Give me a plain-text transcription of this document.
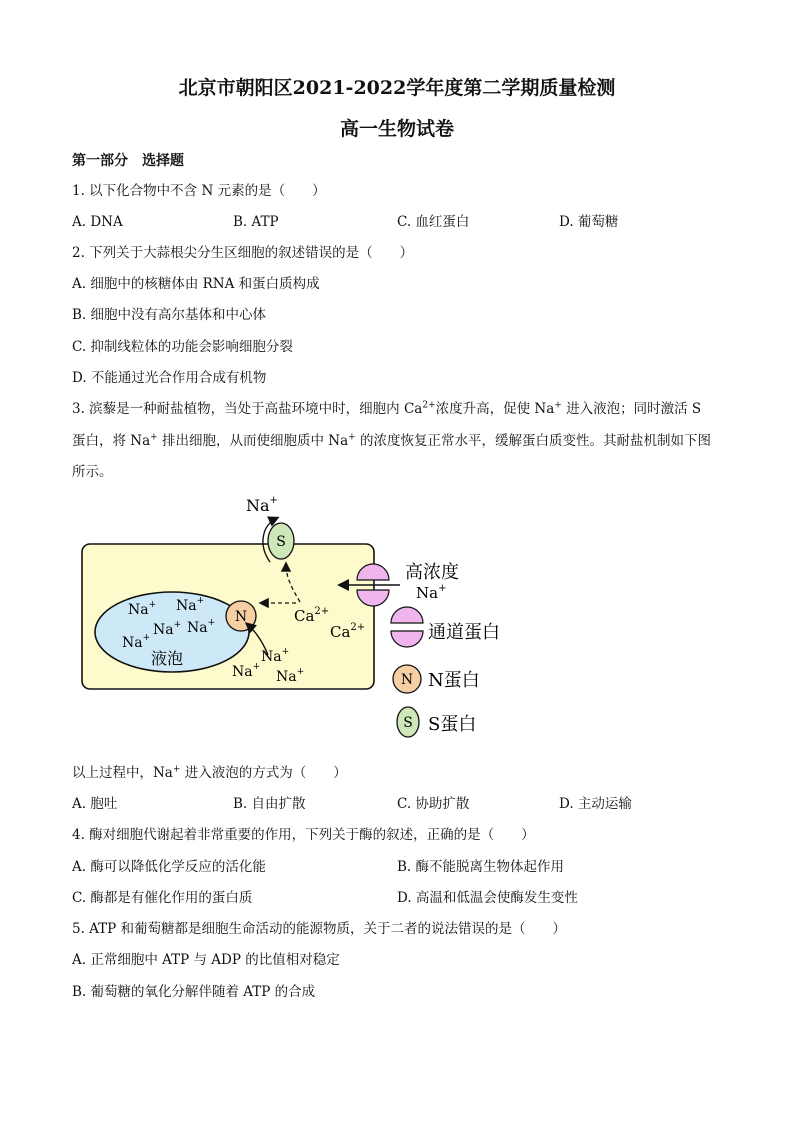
北京市朝阳区2021-2022学年度第二学期质量检测
高一生物试卷
第一部分　选择题
1. 以下化合物中不含 N 元素的是（　　）
A. DNA	B. ATP	C. 血红蛋白	D. 葡萄糖
2. 下列关于大蒜根尖分生区细胞的叙述错误的是（　　）
A. 细胞中的核糖体由 RNA 和蛋白质构成
B. 细胞中没有高尔基体和中心体
C. 抑制线粒体的功能会影响细胞分裂
D. 不能通过光合作用合成有机物
3. 滨藜是一种耐盐植物，当处于高盐环境中时，细胞内 $Ca^{2+}$浓度升高，促使 Na+ 进入液泡；同时激活 S
蛋白，将 Na+ 排出细胞，从而使细胞质中 Na+ 的浓度恢复正常水平，缓解蛋白质变性。其耐盐机制如下图
所示。
S
Na+
N	$Ca^{2+}$
$Ca^{2+}$
Na+ Na+
Na+ Na+
Na+
液泡	Na+
Na+
Na+
高浓度
Na+
通道蛋白
N N蛋白
S S蛋白
以上过程中，Na+ 进入液泡的方式为（　　）
A. 胞吐	B. 自由扩散	C. 协助扩散	D. 主动运输
4. 酶对细胞代谢起着非常重要的作用，下列关于酶的叙述，正确的是（　　）
A. 酶可以降低化学反应的活化能	B. 酶不能脱离生物体起作用
C. 酶都是有催化作用的蛋白质	D. 高温和低温会使酶发生变性
5. ATP 和葡萄糖都是细胞生命活动的能源物质，关于二者的说法错误的是（　　）
A. 正常细胞中 ATP 与 ADP 的比值相对稳定
B. 葡萄糖的氧化分解伴随着 ATP 的合成
